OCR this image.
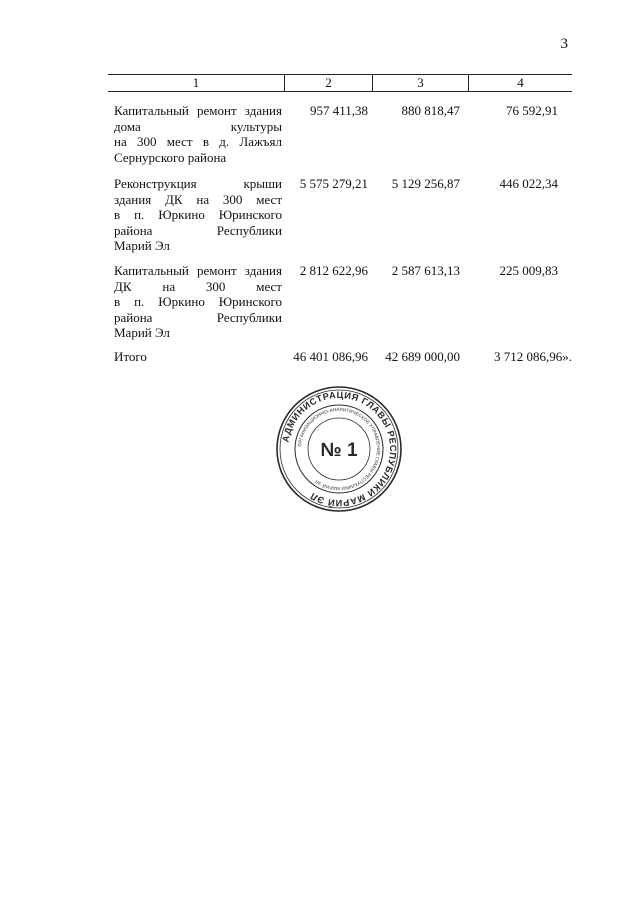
3
1	2	3	4
Капитальный ремонт здания
дома культуры
на 300 мест в д. Лажъял
Сернурского района
957 411,38	880 818,47	76 592,91
Реконструкция крыши
здания ДК на 300 мест
в п. Юркино Юринского
района Республики
Марий Эл
5 575 279,21	5 129 256,87	446 022,34
Капитальный ремонт здания
ДК на 300 мест
в п. Юркино Юринского
района Республики
Марий Эл
2 812 622,96	2 587 613,13	225 009,83
Итого	46 401 086,96	42 689 000,00	3 712 086,96».
АДМИНИСТРАЦИЯ ГЛАВЫ РЕСПУБЛИКИ МАРИЙ ЭЛ
ОРГАНИЗАЦИОННО-АНАЛИТИЧЕСКОЕ УПРАВЛЕНИЕ ГЛАВЫ РЕСПУБЛИКИ МАРИЙ ЭЛ
№ 1
